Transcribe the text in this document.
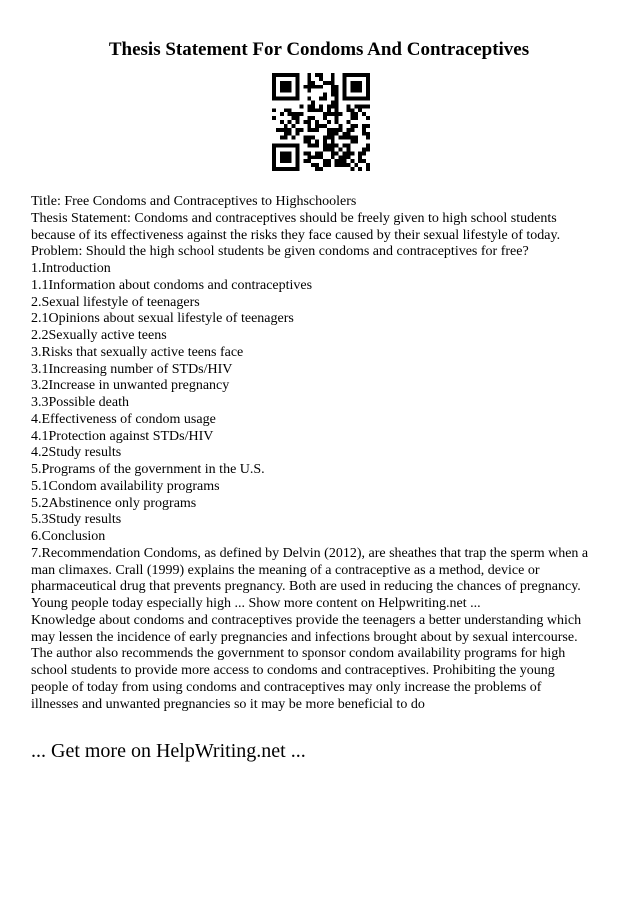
Thesis Statement For Condoms And Contraceptives
Title: Free Condoms and Contraceptives to Highschoolers
Thesis Statement: Condoms and contraceptives should be freely given to high school students
because of its effectiveness against the risks they face caused by their sexual lifestyle of today.
Problem: Should the high school students be given condoms and contraceptives for free?
1.Introduction
1.1Information about condoms and contraceptives
2.Sexual lifestyle of teenagers
2.1Opinions about sexual lifestyle of teenagers
2.2Sexually active teens
3.Risks that sexually active teens face
3.1Increasing number of STDs/HIV
3.2Increase in unwanted pregnancy
3.3Possible death
4.Effectiveness of condom usage
4.1Protection against STDs/HIV
4.2Study results
5.Programs of the government in the U.S.
5.1Condom availability programs
5.2Abstinence only programs
5.3Study results
6.Conclusion
7.Recommendation Condoms, as defined by Delvin (2012), are sheathes that trap the sperm when a
man climaxes. Crall (1999) explains the meaning of a contraceptive as a method, device or
pharmaceutical drug that prevents pregnancy. Both are used in reducing the chances of pregnancy.
Young people today especially high ... Show more content on Helpwriting.net ...
Knowledge about condoms and contraceptives provide the teenagers a better understanding which
may lessen the incidence of early pregnancies and infections brought about by sexual intercourse.
The author also recommends the government to sponsor condom availability programs for high
school students to provide more access to condoms and contraceptives. Prohibiting the young
people of today from using condoms and contraceptives may only increase the problems of
illnesses and unwanted pregnancies so it may be more beneficial to do
... Get more on HelpWriting.net ...
